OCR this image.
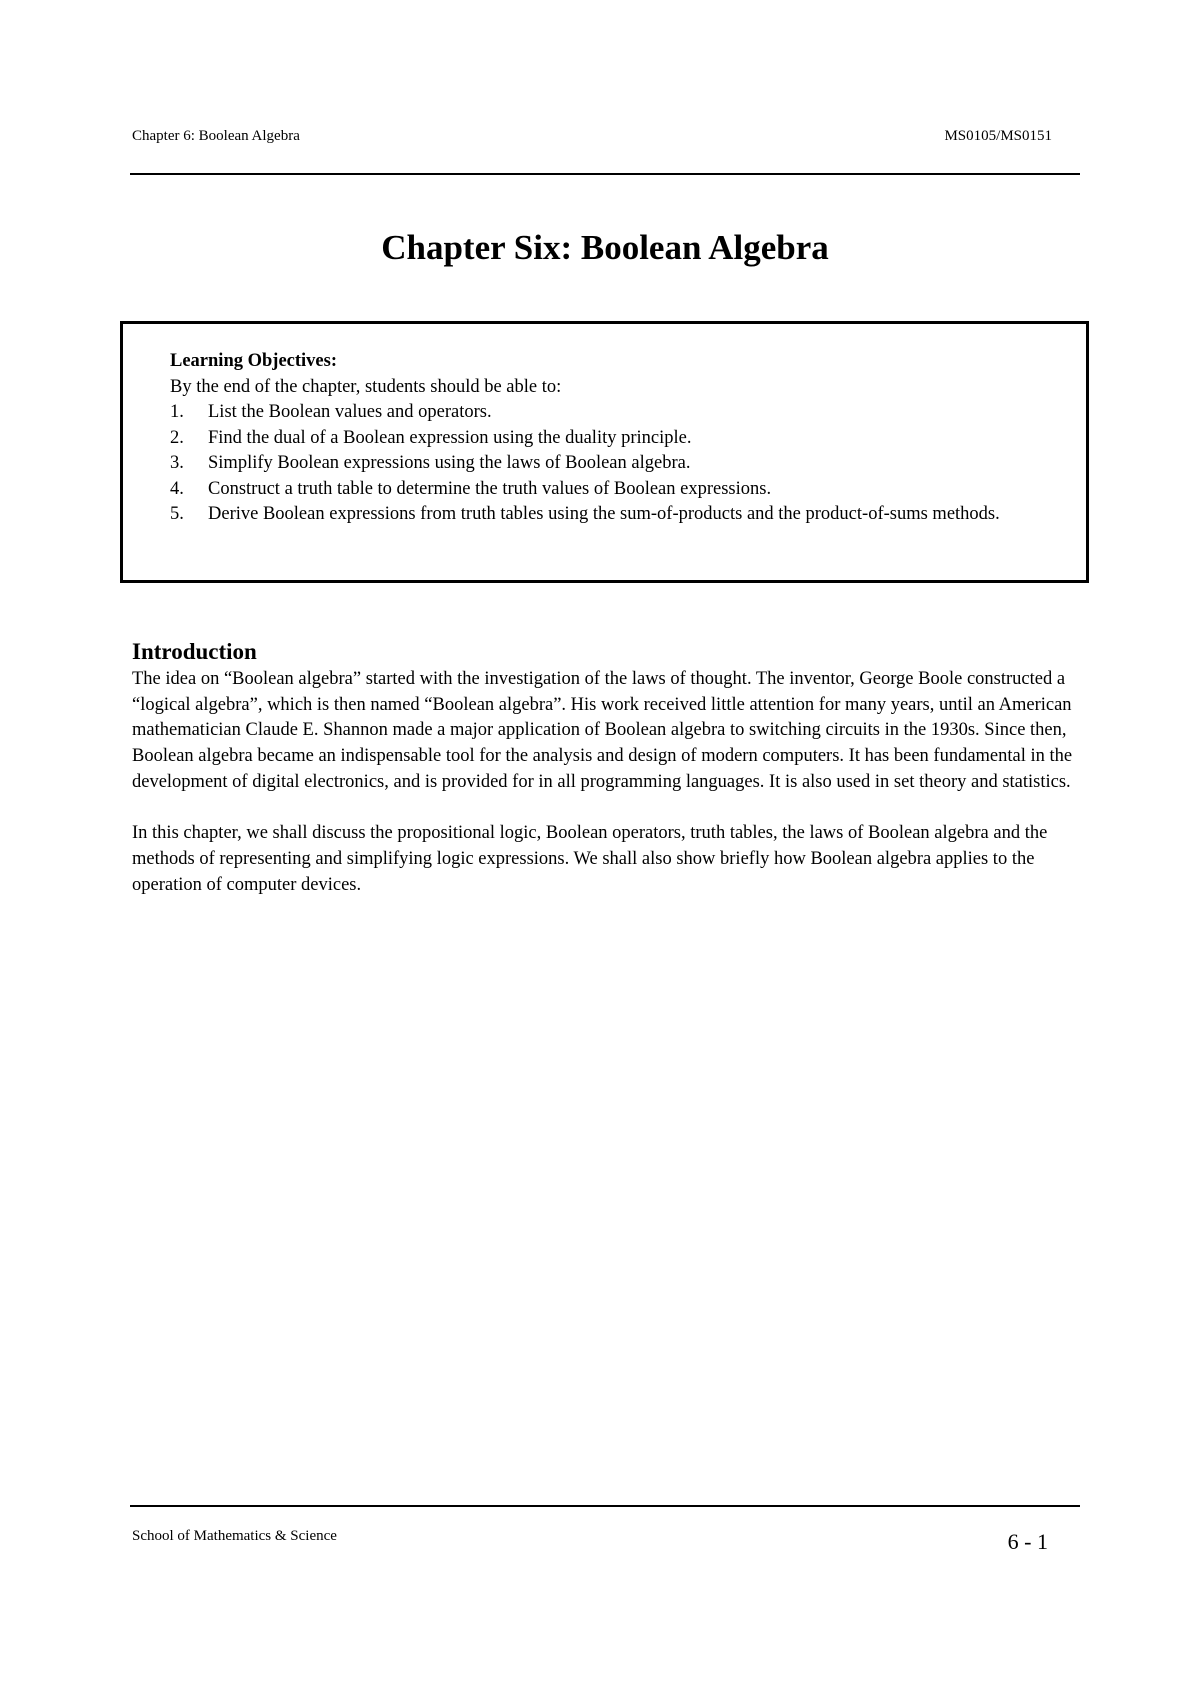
Chapter 6: Boolean Algebra	MS0105/MS0151
Chapter Six: Boolean Algebra
Learning Objectives:
By the end of the chapter, students should be able to:
1.	List the Boolean values and operators.
2.	Find the dual of a Boolean expression using the duality principle.
3.	Simplify Boolean expressions using the laws of Boolean algebra.
4.	Construct a truth table to determine the truth values of Boolean expressions.
5.	Derive Boolean expressions from truth tables using the sum-of-products and the product-of-sums methods.
Introduction

The idea on “Boolean algebra” started with the investigation of the laws of thought. The inventor, George Boole constructed a “logical algebra”, which is then named “Boolean algebra”. His work received little attention for many years, until an American mathematician Claude E. Shannon made a major application of Boolean algebra to switching circuits in the 1930s. Since then, Boolean algebra became an indispensable tool for the analysis and design of modern computers. It has been fundamental in the development of digital electronics, and is provided for in all programming languages. It is also used in set theory and statistics.

In this chapter, we shall discuss the propositional logic, Boolean operators, truth tables, the laws of Boolean algebra and the methods of representing and simplifying logic expressions. We shall also show briefly how Boolean algebra applies to the operation of computer devices.

School of Mathematics & Science	6 - 1
